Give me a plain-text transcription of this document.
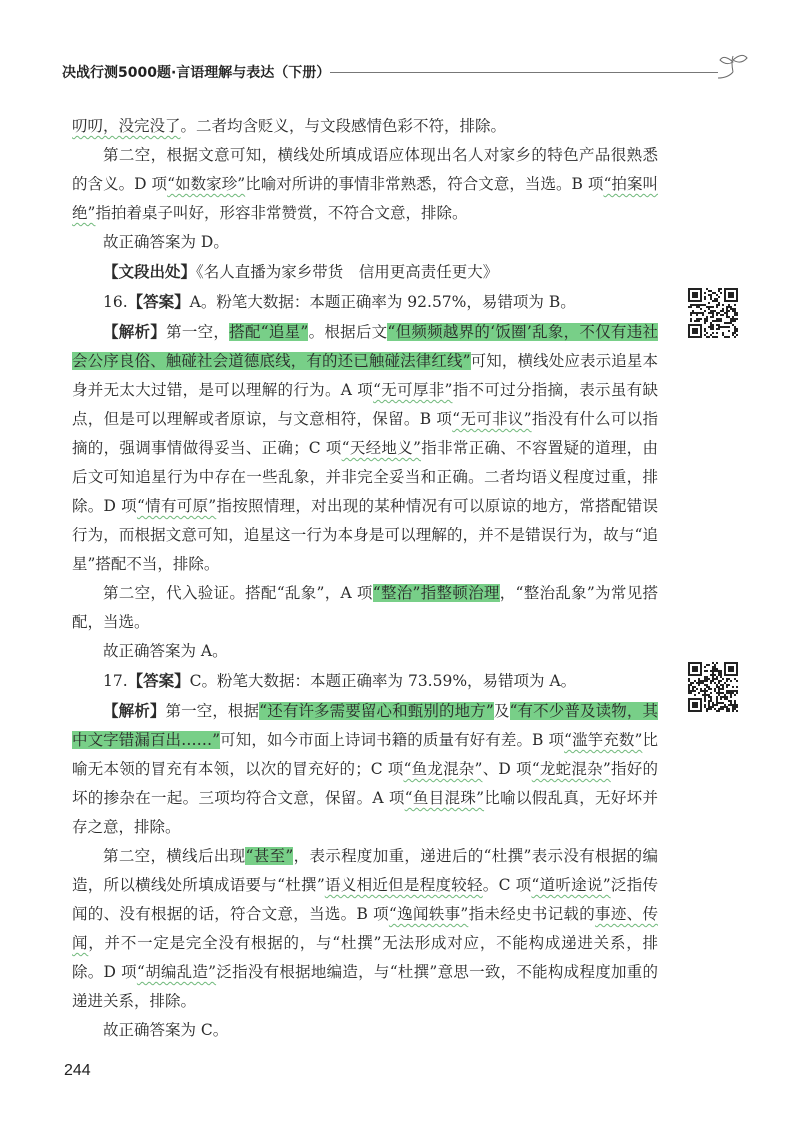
决战行测5000题·言语理解与表达（下册）

叨叨，没完没了。二者均含贬义，与文段感情色彩不符，排除。

第二空，根据文意可知，横线处所填成语应体现出名人对家乡的特色产品很熟悉的含义。D 项“如数家珍”比喻对所讲的事情非常熟悉，符合文意，当选。B 项“拍案叫绝”指拍着桌子叫好，形容非常赞赏，不符合文意，排除。

故正确答案为 D。

【文段出处】《名人直播为家乡带货　信用更高责任更大》

16.【答案】A。粉笔大数据：本题正确率为 92.57%，易错项为 B。

【解析】第一空，搭配“追星”。根据后文“但频频越界的‘饭圈’乱象，不仅有违社会公序良俗、触碰社会道德底线，有的还已触碰法律红线”可知，横线处应表示追星本身并无太大过错，是可以理解的行为。A 项“无可厚非”指不可过分指摘，表示虽有缺点，但是可以理解或者原谅，与文意相符，保留。B 项“无可非议”指没有什么可以指摘的，强调事情做得妥当、正确；C 项“天经地义”指非常正确、不容置疑的道理，由后文可知追星行为中存在一些乱象，并非完全妥当和正确。二者均语义程度过重，排除。D 项“情有可原”指按照情理，对出现的某种情况有可以原谅的地方，常搭配错误行为，而根据文意可知，追星这一行为本身是可以理解的，并不是错误行为，故与“追星”搭配不当，排除。

第二空，代入验证。搭配“乱象”，A 项“整治”指整顿治理，“整治乱象”为常见搭配，当选。

故正确答案为 A。

17.【答案】C。粉笔大数据：本题正确率为 73.59%，易错项为 A。

【解析】第一空，根据“还有许多需要留心和甄别的地方”及“有不少普及读物，其中文字错漏百出……”可知，如今市面上诗词书籍的质量有好有差。B 项“滥竽充数”比喻无本领的冒充有本领，以次的冒充好的；C 项“鱼龙混杂”、D 项“龙蛇混杂”指好的坏的掺杂在一起。三项均符合文意，保留。A 项“鱼目混珠”比喻以假乱真，无好坏并存之意，排除。

第二空，横线后出现“甚至”，表示程度加重，递进后的“杜撰”表示没有根据的编造，所以横线处所填成语要与“杜撰”语义相近但是程度较轻。C 项“道听途说”泛指传闻的、没有根据的话，符合文意，当选。B 项“逸闻轶事”指未经史书记载的事迹、传闻，并不一定是完全没有根据的，与“杜撰”无法形成对应，不能构成递进关系，排除。D 项“胡编乱造”泛指没有根据地编造，与“杜撰”意思一致，不能构成程度加重的递进关系，排除。

故正确答案为 C。

244
